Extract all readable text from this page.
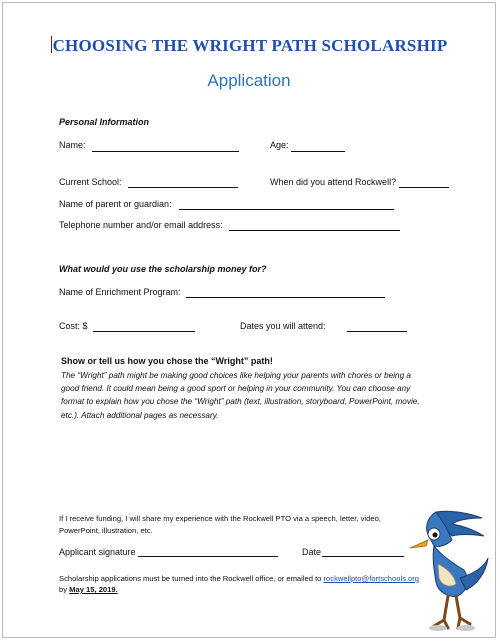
CHOOSING THE WRIGHT PATH SCHOLARSHIP
Application
Personal Information
Name:	Age:
Current School:	When did you attend Rockwell?
Name of parent or guardian:
Telephone number and/or email address:
What would you use the scholarship money for?
Name of Enrichment Program:
Cost: $	Dates you will attend:
Show or tell us how you chose the “Wright” path!
The “Wright” path might be making good choices like helping your parents with chores or being a good friend. It could mean being a good sport or helping in your community. You can choose any format to explain how you chose the “Wright” path (text, illustration, storyboard, PowerPoint, movie, etc.). Attach additional pages as necessary.
If I receive funding, I will share my experience with the Rockwell PTO via a speech, letter, video, PowerPoint, illustration, etc.
Applicant signature	Date
Scholarship applications must be turned into the Rockwell office, or emailed to rockwellpto@fortschools.org
by May 15, 2019.
